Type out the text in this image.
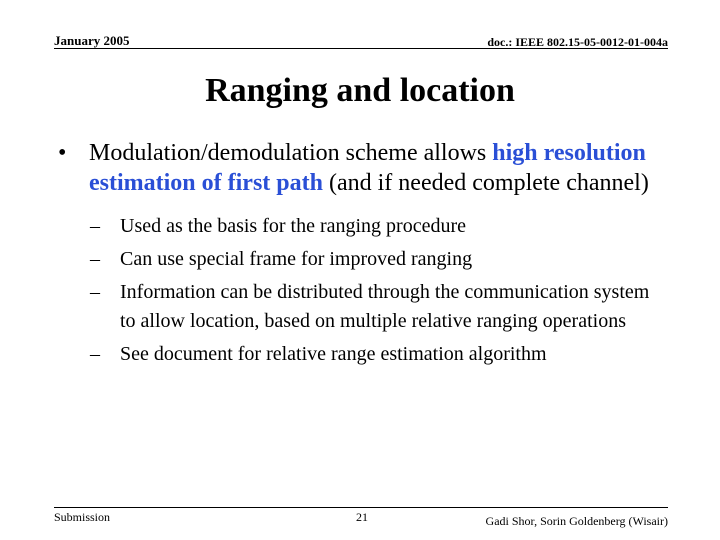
January 2005	doc.: IEEE 802.15-05-0012-01-004a
Ranging and location
• Modulation/demodulation scheme allows high resolution estimation of first path (and if needed complete channel)
– Used as the basis for the ranging procedure
– Can use special frame for improved ranging
– Information can be distributed through the communication system to allow location, based on multiple relative ranging operations
– See document for relative range estimation algorithm
Submission	21	Gadi Shor, Sorin Goldenberg (Wisair)
